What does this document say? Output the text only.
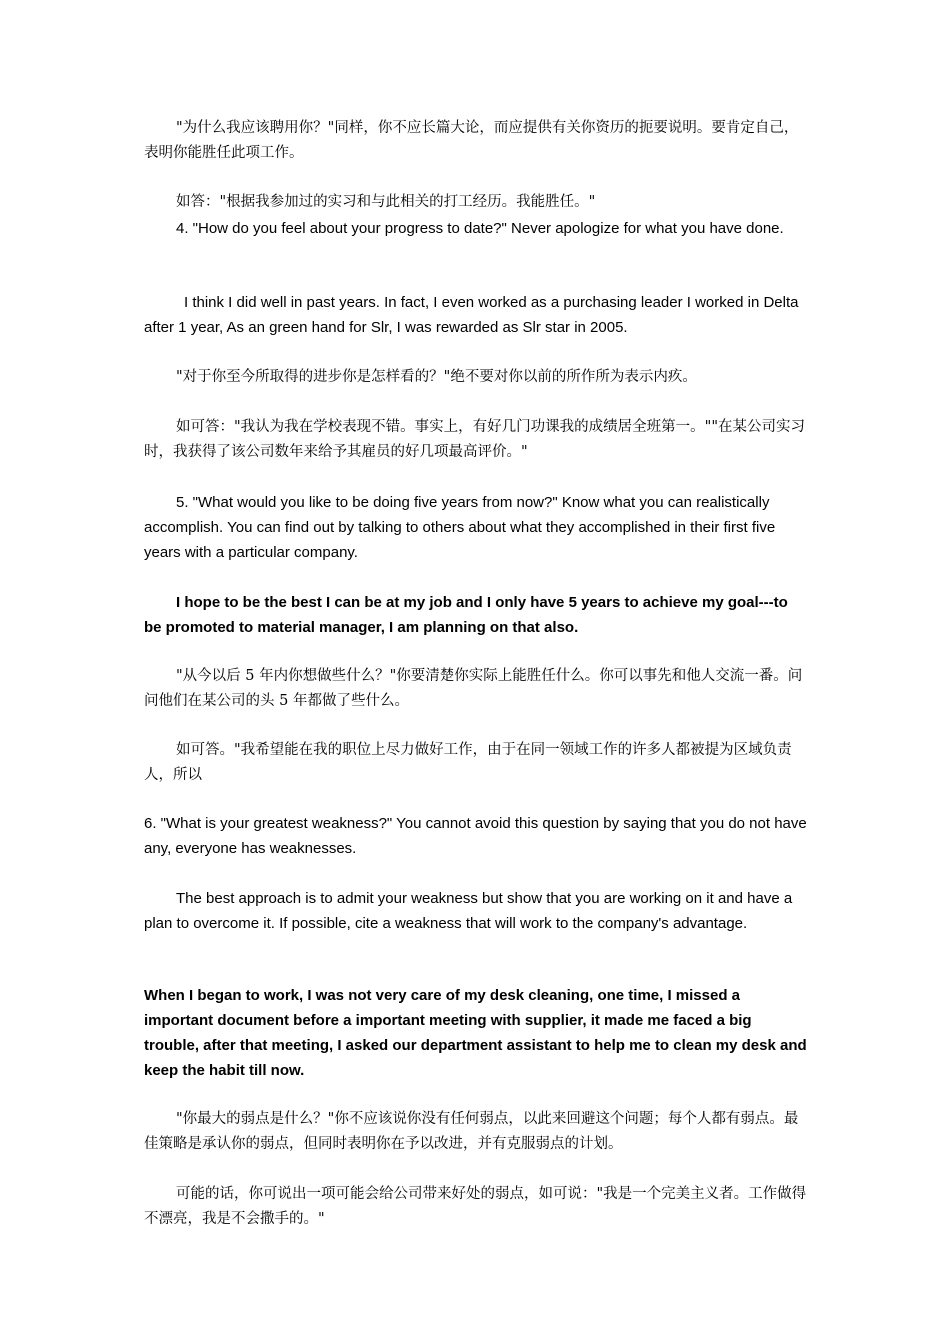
"为什么我应该聘用你？"同样，你不应长篇大论，而应提供有关你资历的扼要说明。要肯定自己，表明你能胜任此项工作。

如答："根据我参加过的实习和与此相关的打工经历。我能胜任。"

4. "How do you feel about your progress to date?" Never apologize for what you have done.

I think I did well in past years. In fact, I even worked as a purchasing leader I worked in Delta after 1 year, As an green hand for Slr, I was rewarded as Slr star in 2005.

"对于你至今所取得的进步你是怎样看的？"绝不要对你以前的所作所为表示内疚。

如可答："我认为我在学校表现不错。事实上，有好几门功课我的成绩居全班第一。""在某公司实习时，我获得了该公司数年来给予其雇员的好几项最高评价。"

5. "What would you like to be doing five years from now?" Know what you can realistically accomplish. You can find out by talking to others about what they accomplished in their first five years with a particular company.

I hope to be the best I can be at my job and I only have 5 years to achieve my goal---to be promoted to material manager, I am planning on that also.

"从今以后 5 年内你想做些什么？"你要清楚你实际上能胜任什么。你可以事先和他人交流一番。问问他们在某公司的头 5 年都做了些什么。

如可答。"我希望能在我的职位上尽力做好工作，由于在同一领域工作的许多人都被提为区域负责人，所以

6. "What is your greatest weakness?" You cannot avoid this question by saying that you do not have any, everyone has weaknesses.

The best approach is to admit your weakness but show that you are working on it and have a plan to overcome it. If possible, cite a weakness that will work to the company's advantage.

When I began to work, I was not very care of my desk cleaning, one time, I missed a important document before a important meeting with supplier, it made me faced a big trouble, after that meeting, I asked our department assistant to help me to clean my desk and keep the habit till now.

"你最大的弱点是什么？"你不应该说你没有任何弱点，以此来回避这个问题；每个人都有弱点。最佳策略是承认你的弱点，但同时表明你在予以改进，并有克服弱点的计划。

可能的话，你可说出一项可能会给公司带来好处的弱点，如可说："我是一个完美主义者。工作做得不漂亮，我是不会撒手的。"
